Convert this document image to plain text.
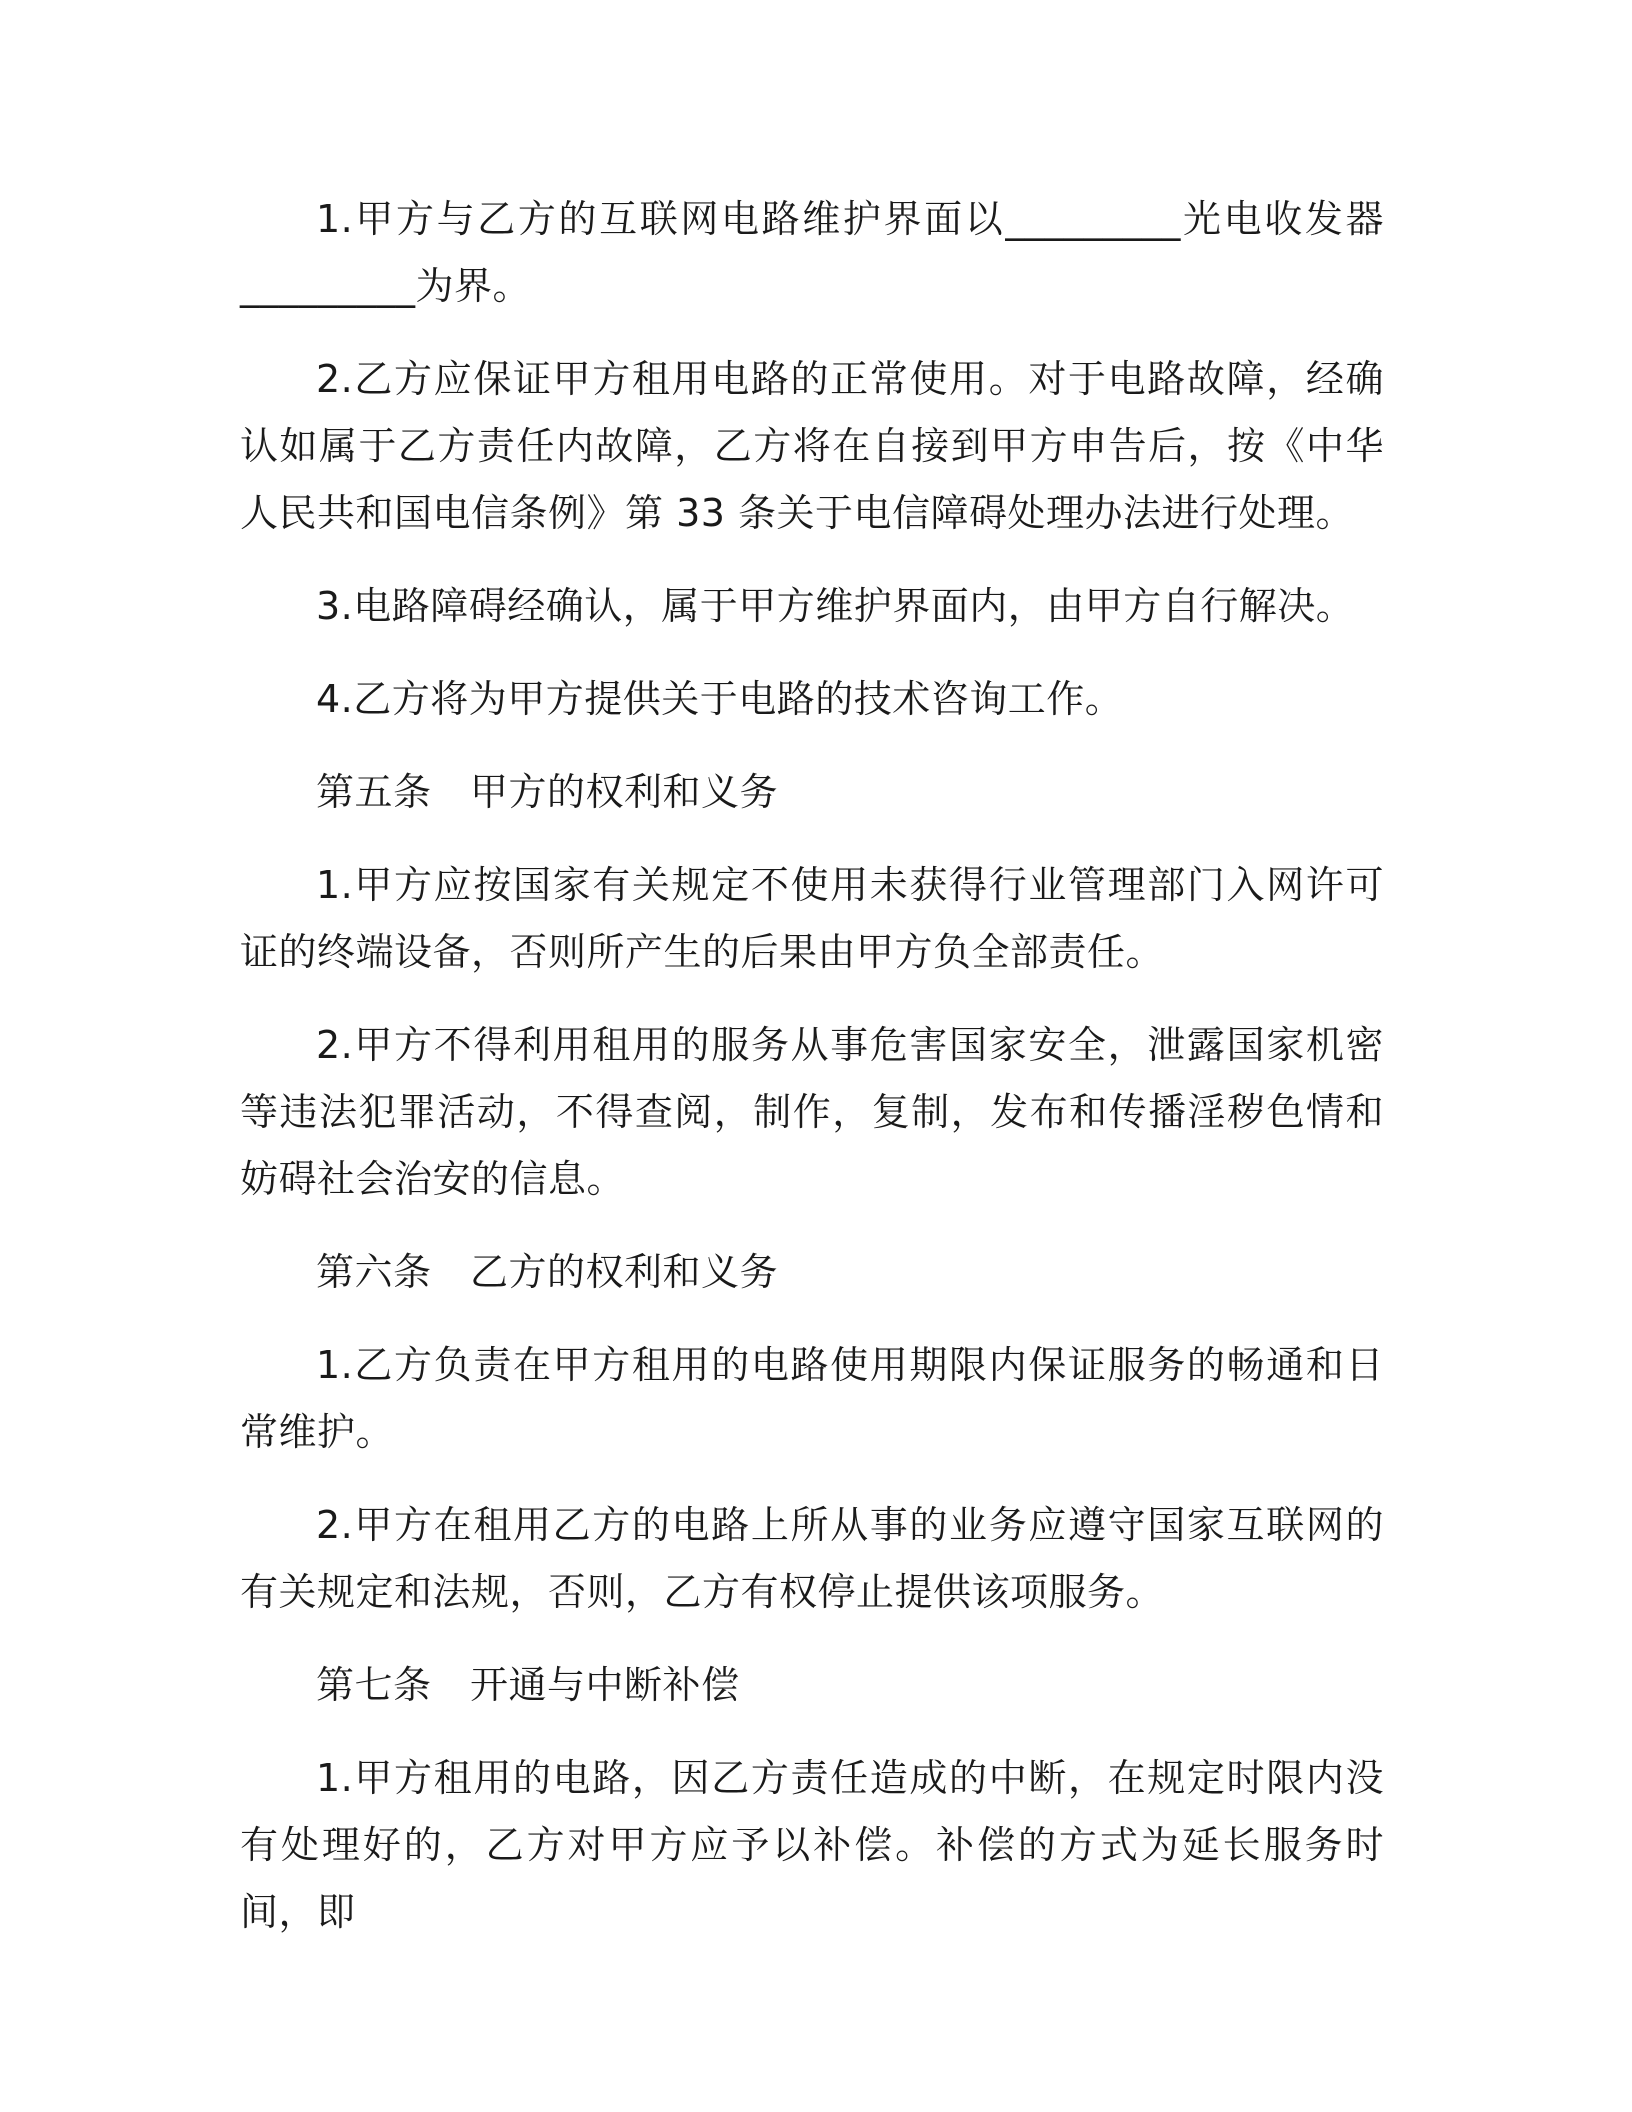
1.甲方与乙方的互联网电路维护界面以_________光电收发器_________为界。

2.乙方应保证甲方租用电路的正常使用。对于电路故障，经确认如属于乙方责任内故障，乙方将在自接到甲方申告后，按《中华人民共和国电信条例》第 33 条关于电信障碍处理办法进行处理。

3.电路障碍经确认，属于甲方维护界面内，由甲方自行解决。

4.乙方将为甲方提供关于电路的技术咨询工作。

第五条　甲方的权利和义务

1.甲方应按国家有关规定不使用未获得行业管理部门入网许可证的终端设备，否则所产生的后果由甲方负全部责任。

2.甲方不得利用租用的服务从事危害国家安全，泄露国家机密等违法犯罪活动，不得查阅，制作，复制，发布和传播淫秽色情和妨碍社会治安的信息。

第六条　乙方的权利和义务

1.乙方负责在甲方租用的电路使用期限内保证服务的畅通和日常维护。

2.甲方在租用乙方的电路上所从事的业务应遵守国家互联网的有关规定和法规，否则，乙方有权停止提供该项服务。

第七条　开通与中断补偿

1.甲方租用的电路，因乙方责任造成的中断，在规定时限内没有处理好的，乙方对甲方应予以补偿。补偿的方式为延长服务时间，即
